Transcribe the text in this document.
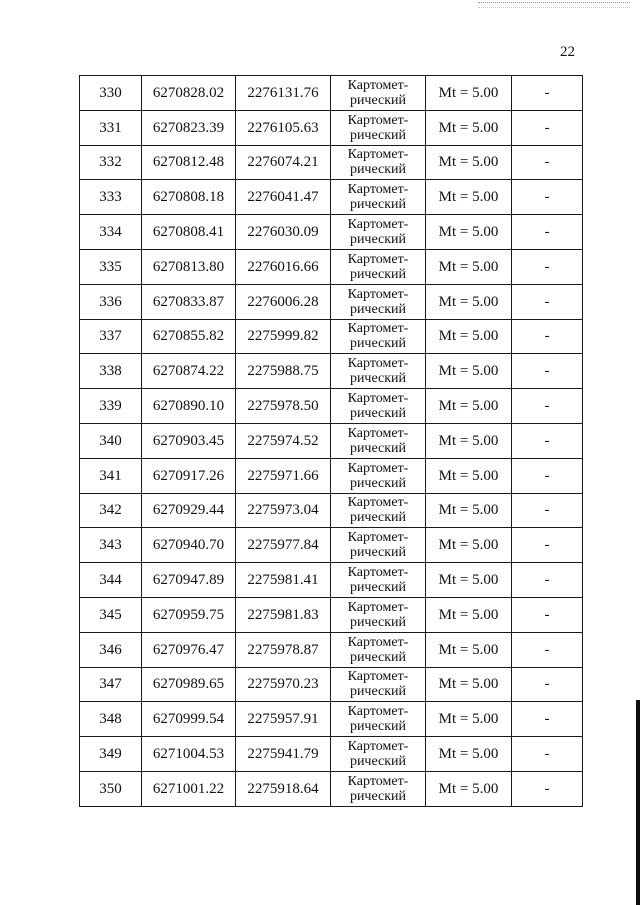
22
330	6270828.02	2276131.76	Картомет-
рический	Mt = 5.00	-
331	6270823.39	2276105.63	Картомет-
рический	Mt = 5.00	-
332	6270812.48	2276074.21	Картомет-
рический	Mt = 5.00	-
333	6270808.18	2276041.47	Картомет-
рический	Mt = 5.00	-
334	6270808.41	2276030.09	Картомет-
рический	Mt = 5.00	-
335	6270813.80	2276016.66	Картомет-
рический	Mt = 5.00	-
336	6270833.87	2276006.28	Картомет-
рический	Mt = 5.00	-
337	6270855.82	2275999.82	Картомет-
рический	Mt = 5.00	-
338	6270874.22	2275988.75	Картомет-
рический	Mt = 5.00	-
339	6270890.10	2275978.50	Картомет-
рический	Mt = 5.00	-
340	6270903.45	2275974.52	Картомет-
рический	Mt = 5.00	-
341	6270917.26	2275971.66	Картомет-
рический	Mt = 5.00	-
342	6270929.44	2275973.04	Картомет-
рический	Mt = 5.00	-
343	6270940.70	2275977.84	Картомет-
рический	Mt = 5.00	-
344	6270947.89	2275981.41	Картомет-
рический	Mt = 5.00	-
345	6270959.75	2275981.83	Картомет-
рический	Mt = 5.00	-
346	6270976.47	2275978.87	Картомет-
рический	Mt = 5.00	-
347	6270989.65	2275970.23	Картомет-
рический	Mt = 5.00	-
348	6270999.54	2275957.91	Картомет-
рический	Mt = 5.00	-
349	6271004.53	2275941.79	Картомет-
рический	Mt = 5.00	-
350	6271001.22	2275918.64	Картомет-
рический	Mt = 5.00	-
